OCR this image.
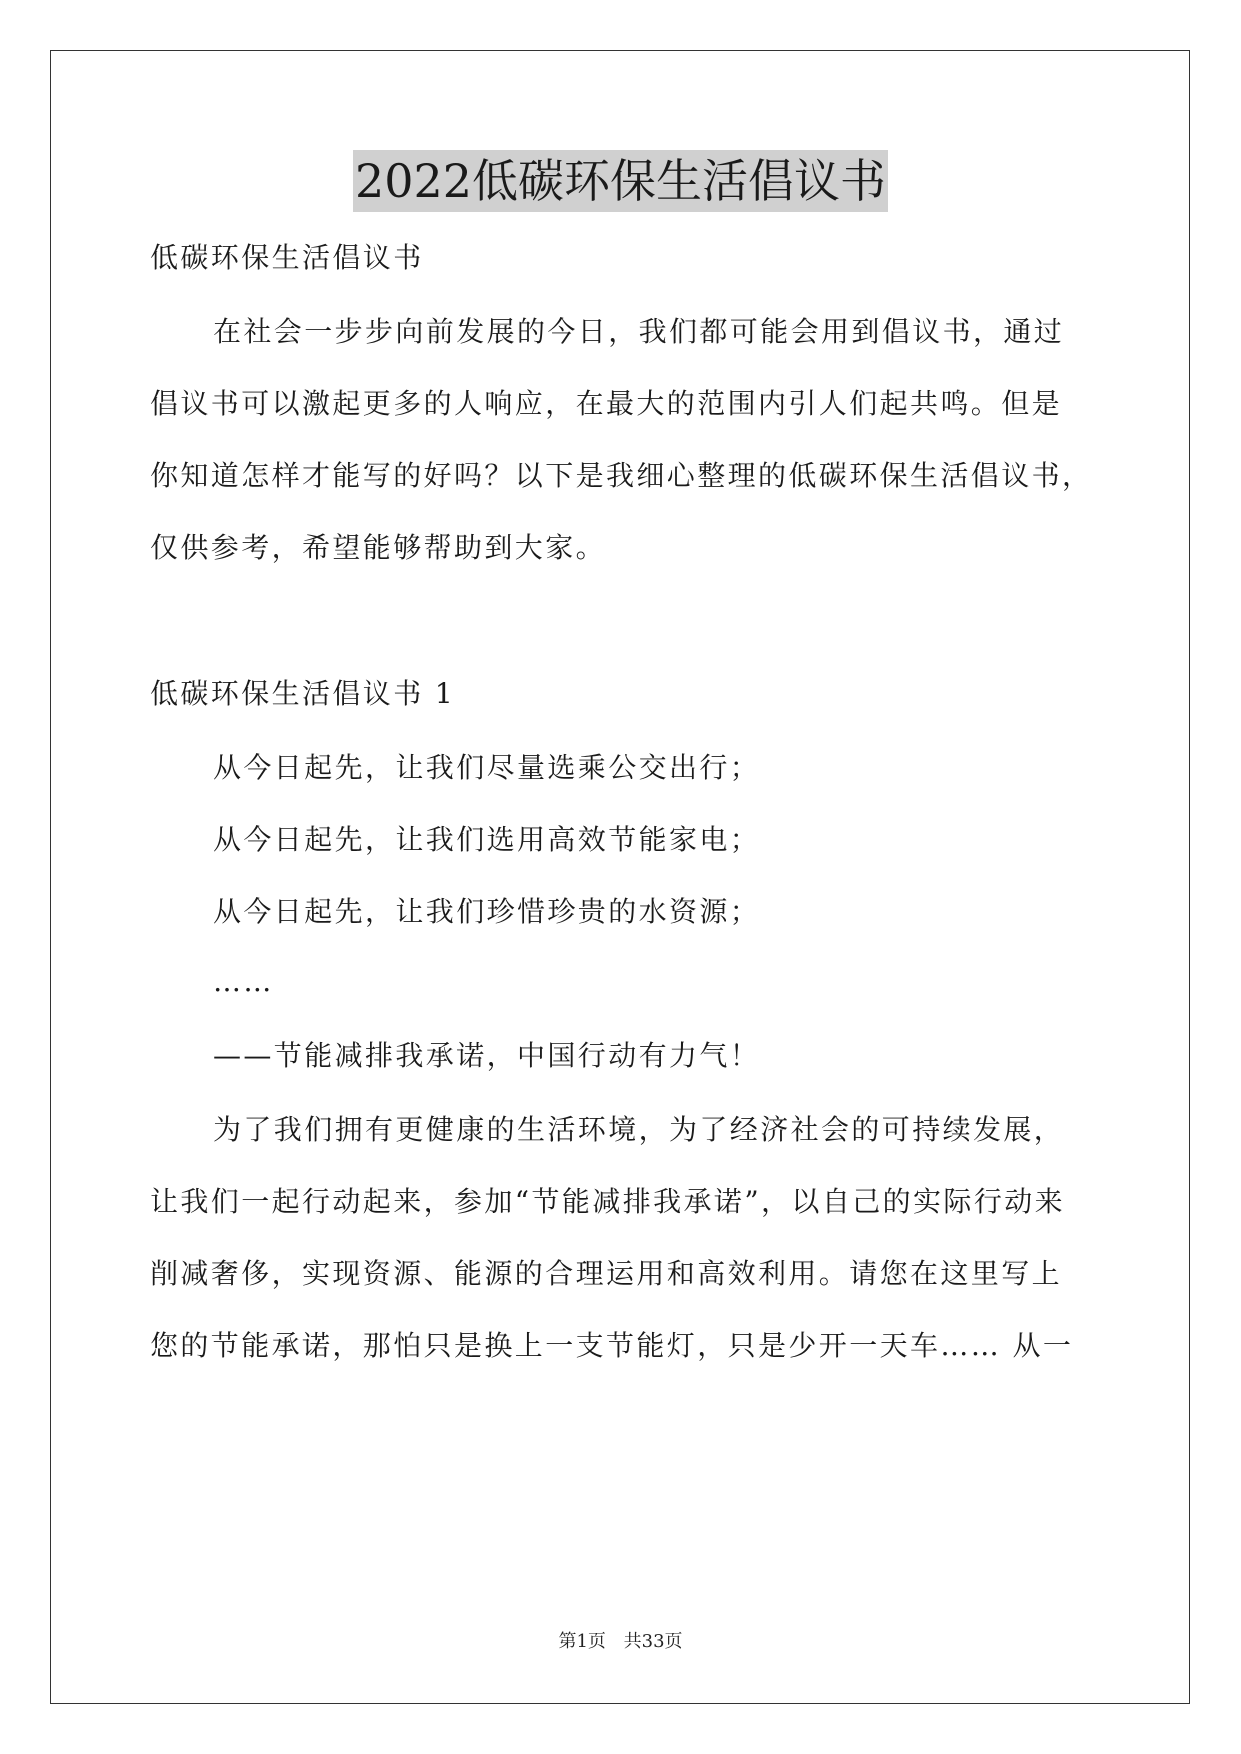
2022低碳环保生活倡议书
低碳环保生活倡议书
在社会一步步向前发展的今日，我们都可能会用到倡议书，通过
倡议书可以激起更多的人响应，在最大的范围内引人们起共鸣。但是
你知道怎样才能写的好吗？以下是我细心整理的低碳环保生活倡议书，
仅供参考，希望能够帮助到大家。
低碳环保生活倡议书 1
从今日起先，让我们尽量选乘公交出行；
从今日起先，让我们选用高效节能家电；
从今日起先，让我们珍惜珍贵的水资源；
……
——节能减排我承诺，中国行动有力气！
为了我们拥有更健康的生活环境，为了经济社会的可持续发展，
让我们一起行动起来，参加“节能减排我承诺”，以自己的实际行动来
削减奢侈，实现资源、能源的合理运用和高效利用。请您在这里写上
您的节能承诺，那怕只是换上一支节能灯，只是少开一天车…… 从一
第1页 共33页
